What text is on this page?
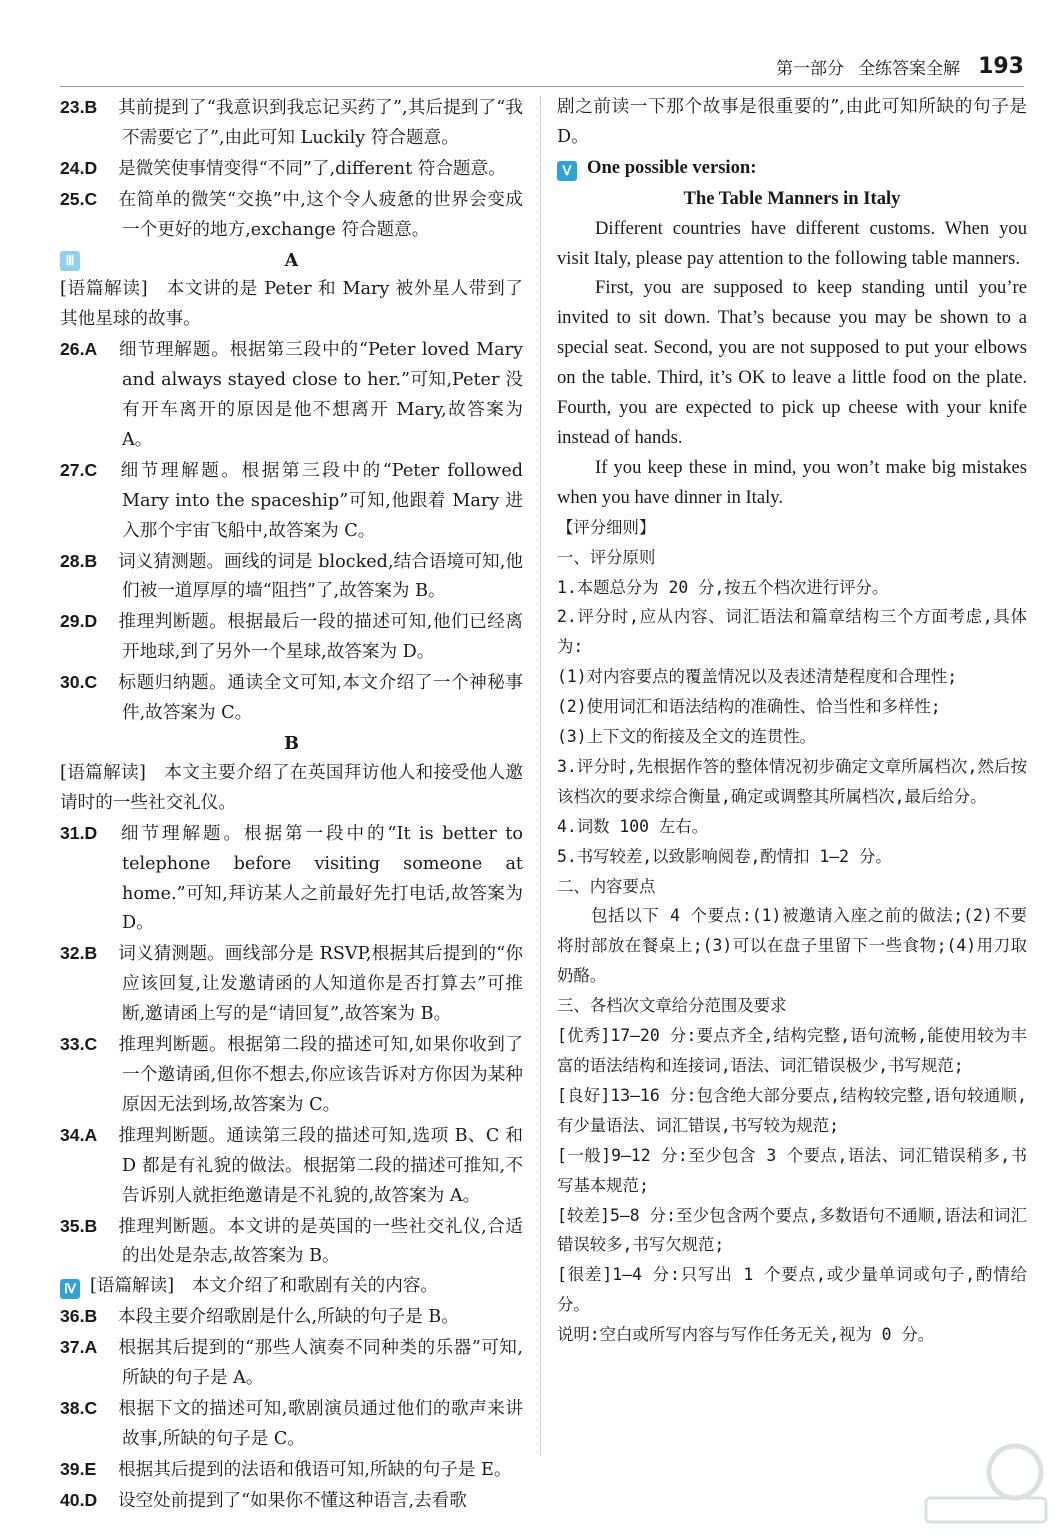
第一部分 全练答案全解 193
23.B 其前提到了“我意识到我忘记买药了”,其后提到了“我不需要它了”,由此可知 Luckily 符合题意。
24.D 是微笑使事情变得“不同”了,different 符合题意。
25.C 在简单的微笑“交换”中,这个令人疲惫的世界会变成一个更好的地方,exchange 符合题意。
Ⅲ	A
[语篇解读]　本文讲的是 Peter 和 Mary 被外星人带到了其他星球的故事。
26.A 细节理解题。根据第三段中的“Peter loved Mary and always stayed close to her.”可知,Peter 没有开车离开的原因是他不想离开 Mary,故答案为 A。
27.C 细节理解题。根据第三段中的“Peter followed Mary into the spaceship”可知,他跟着 Mary 进入那个宇宙飞船中,故答案为 C。
28.B 词义猜测题。画线的词是 blocked,结合语境可知,他们被一道厚厚的墙“阻挡”了,故答案为 B。
29.D 推理判断题。根据最后一段的描述可知,他们已经离开地球,到了另外一个星球,故答案为 D。
30.C 标题归纳题。通读全文可知,本文介绍了一个神秘事件,故答案为 C。
B
[语篇解读]　本文主要介绍了在英国拜访他人和接受他人邀请时的一些社交礼仪。
31.D 细节理解题。根据第一段中的“It is better to telephone before visiting someone at home.”可知,拜访某人之前最好先打电话,故答案为 D。
32.B 词义猜测题。画线部分是 RSVP,根据其后提到的“你应该回复,让发邀请函的人知道你是否打算去”可推断,邀请函上写的是“请回复”,故答案为 B。
33.C 推理判断题。根据第二段的描述可知,如果你收到了一个邀请函,但你不想去,你应该告诉对方你因为某种原因无法到场,故答案为 C。
34.A 推理判断题。通读第三段的描述可知,选项 B、C 和 D 都是有礼貌的做法。根据第二段的描述可推知,不告诉别人就拒绝邀请是不礼貌的,故答案为 A。
35.B 推理判断题。本文讲的是英国的一些社交礼仪,合适的出处是杂志,故答案为 B。
Ⅳ [语篇解读]　本文介绍了和歌剧有关的内容。
36.B 本段主要介绍歌剧是什么,所缺的句子是 B。
37.A 根据其后提到的“那些人演奏不同种类的乐器”可知,所缺的句子是 A。
38.C 根据下文的描述可知,歌剧演员通过他们的歌声来讲故事,所缺的句子是 C。
39.E 根据其后提到的法语和俄语可知,所缺的句子是 E。
40.D 设空处前提到了“如果你不懂这种语言,去看歌
剧之前读一下那个故事是很重要的”,由此可知所缺的句子是 D。
Ⅴ One possible version:
The Table Manners in Italy
Different countries have different customs. When you visit Italy, please pay attention to the following table manners.
First, you are supposed to keep standing until you’re invited to sit down. That’s because you may be shown to a special seat. Second, you are not supposed to put your elbows on the table. Third, it’s OK to leave a little food on the plate. Fourth, you are expected to pick up cheese with your knife instead of hands.
If you keep these in mind, you won’t make big mistakes when you have dinner in Italy.
【评分细则】
一、评分原则
1.本题总分为 20 分,按五个档次进行评分。
2.评分时,应从内容、词汇语法和篇章结构三个方面考虑,具体为:
(1)对内容要点的覆盖情况以及表述清楚程度和合理性;
(2)使用词汇和语法结构的准确性、恰当性和多样性;
(3)上下文的衔接及全文的连贯性。
3.评分时,先根据作答的整体情况初步确定文章所属档次,然后按该档次的要求综合衡量,确定或调整其所属档次,最后给分。
4.词数 100 左右。
5.书写较差,以致影响阅卷,酌情扣 1—2 分。
二、内容要点
包括以下 4 个要点:(1)被邀请入座之前的做法;(2)不要将肘部放在餐桌上;(3)可以在盘子里留下一些食物;(4)用刀取奶酪。
三、各档次文章给分范围及要求
[优秀]17—20 分:要点齐全,结构完整,语句流畅,能使用较为丰富的语法结构和连接词,语法、词汇错误极少,书写规范;
[良好]13—16 分:包含绝大部分要点,结构较完整,语句较通顺,有少量语法、词汇错误,书写较为规范;
[一般]9—12 分:至少包含 3 个要点,语法、词汇错误稍多,书写基本规范;
[较差]5—8 分:至少包含两个要点,多数语句不通顺,语法和词汇错误较多,书写欠规范;
[很差]1—4 分:只写出 1 个要点,或少量单词或句子,酌情给分。
说明:空白或所写内容与写作任务无关,视为 0 分。
